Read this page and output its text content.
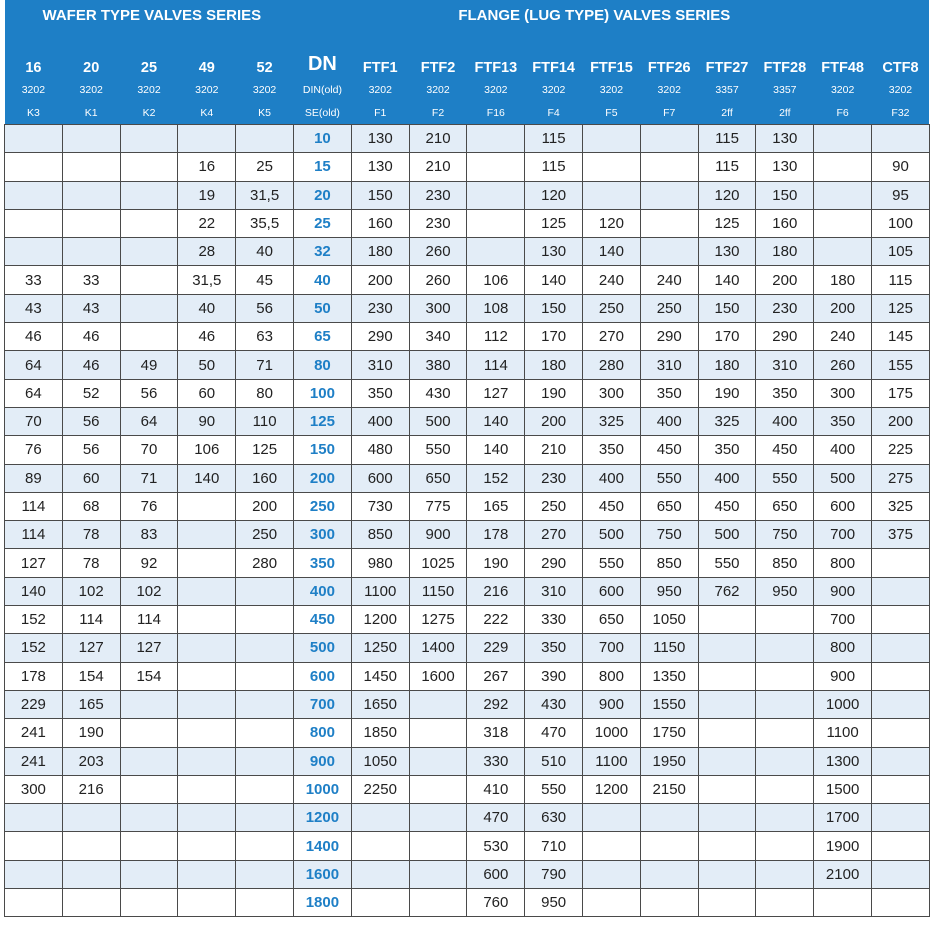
WAFER TYPE VALVES SERIES						FLANGE (LUG TYPE) VALVES SERIES									
16	20	25	49	52	DN	FTF1	FTF2	FTF13	FTF14	FTF15	FTF26	FTF27	FTF28	FTF48	CTF8
3202	3202	3202	3202	3202	DIN(old)	3202	3202	3202	3202	3202	3202	3357	3357	3202	3202
K3	K1	K2	K4	K5	SE(old)	F1	F2	F16	F4	F5	F7	2ff	2ff	F6	F32
					10	130	210		115			115	130		
			16	25	15	130	210		115			115	130		90
			19	31,5	20	150	230		120			120	150		95
			22	35,5	25	160	230		125	120		125	160		100
			28	40	32	180	260		130	140		130	180		105
33	33		31,5	45	40	200	260	106	140	240	240	140	200	180	115
43	43		40	56	50	230	300	108	150	250	250	150	230	200	125
46	46		46	63	65	290	340	112	170	270	290	170	290	240	145
64	46	49	50	71	80	310	380	114	180	280	310	180	310	260	155
64	52	56	60	80	100	350	430	127	190	300	350	190	350	300	175
70	56	64	90	110	125	400	500	140	200	325	400	325	400	350	200
76	56	70	106	125	150	480	550	140	210	350	450	350	450	400	225
89	60	71	140	160	200	600	650	152	230	400	550	400	550	500	275
114	68	76		200	250	730	775	165	250	450	650	450	650	600	325
114	78	83		250	300	850	900	178	270	500	750	500	750	700	375
127	78	92		280	350	980	1025	190	290	550	850	550	850	800	
140	102	102			400	1100	1150	216	310	600	950	762	950	900	
152	114	114			450	1200	1275	222	330	650	1050			700	
152	127	127			500	1250	1400	229	350	700	1150			800	
178	154	154			600	1450	1600	267	390	800	1350			900	
229	165				700	1650		292	430	900	1550			1000	
241	190				800	1850		318	470	1000	1750			1100	
241	203				900	1050		330	510	1100	1950			1300	
300	216				1000	2250		410	550	1200	2150			1500	
					1200			470	630					1700	
					1400			530	710					1900	
					1600			600	790					2100	
					1800			760	950						
